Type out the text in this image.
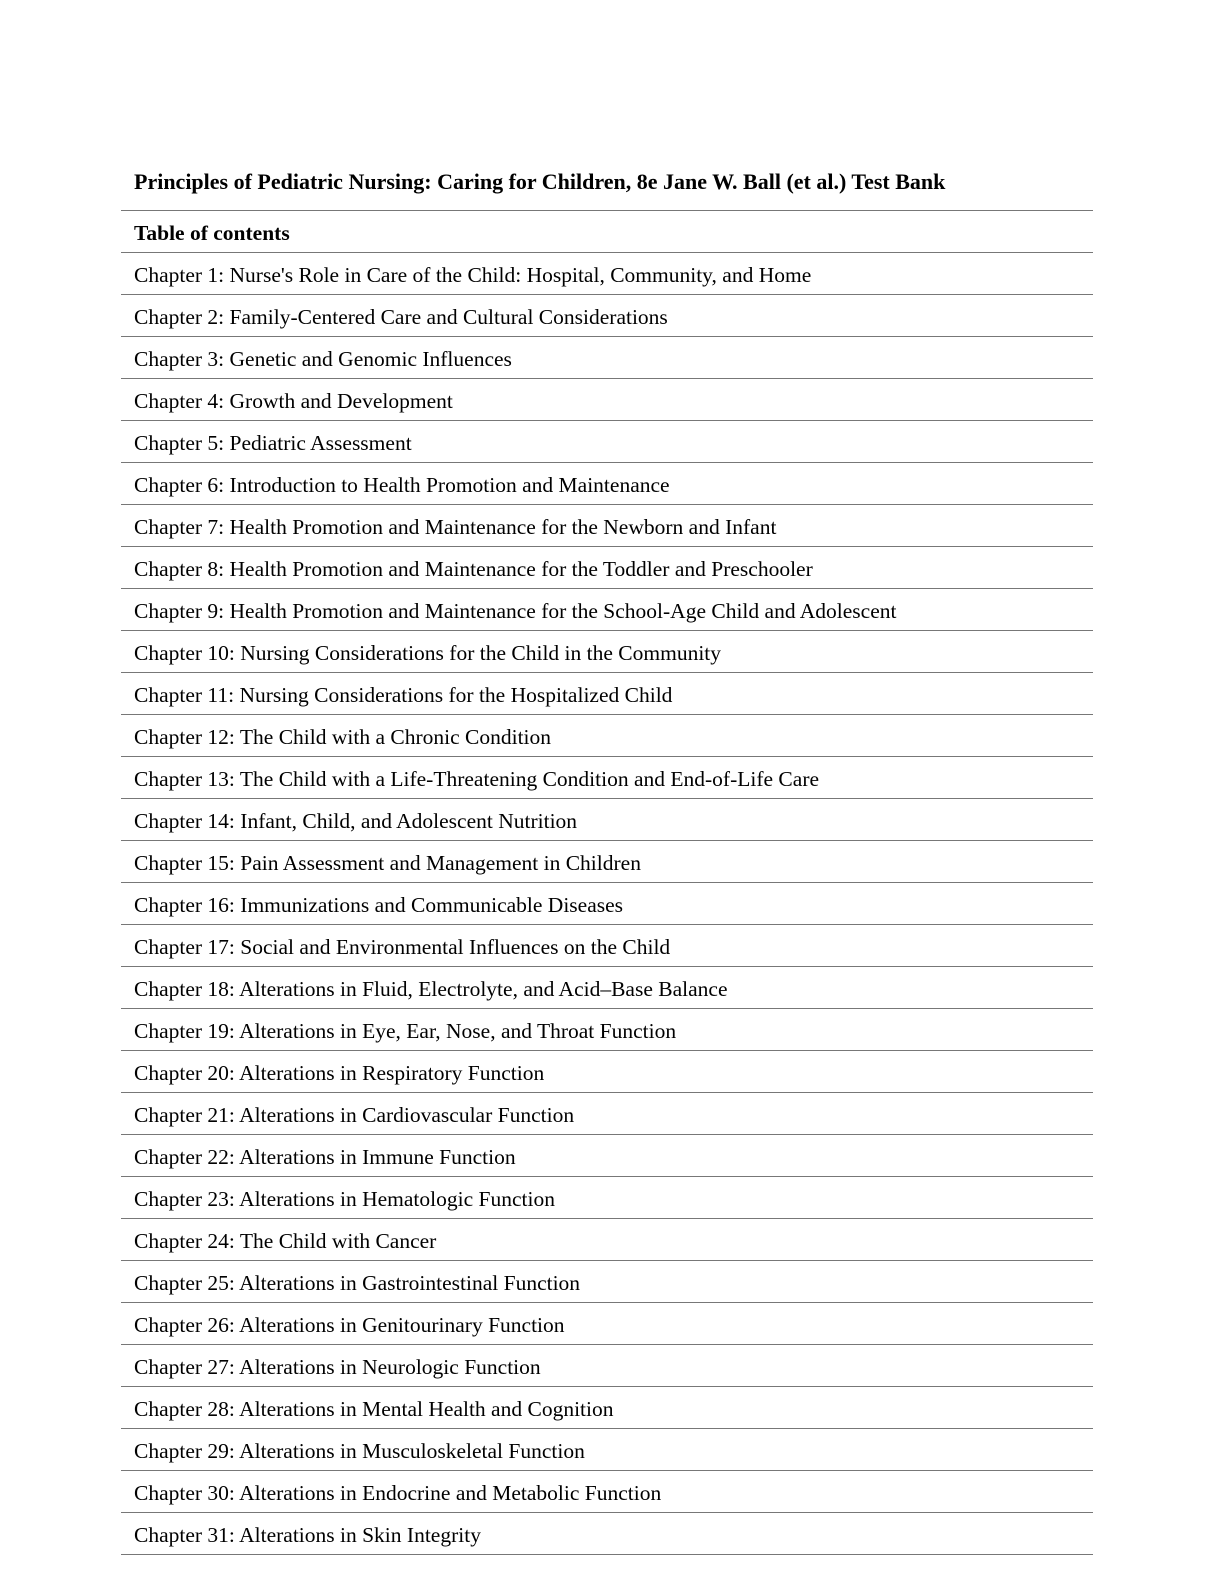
Principles of Pediatric Nursing: Caring for Children, 8e Jane W. Ball (et al.) Test Bank
Table of contents
Chapter 1: Nurse's Role in Care of the Child: Hospital, Community, and Home
Chapter 2: Family-Centered Care and Cultural Considerations
Chapter 3: Genetic and Genomic Influences
Chapter 4: Growth and Development
Chapter 5: Pediatric Assessment
Chapter 6: Introduction to Health Promotion and Maintenance
Chapter 7: Health Promotion and Maintenance for the Newborn and Infant
Chapter 8: Health Promotion and Maintenance for the Toddler and Preschooler
Chapter 9: Health Promotion and Maintenance for the School-Age Child and Adolescent
Chapter 10: Nursing Considerations for the Child in the Community
Chapter 11: Nursing Considerations for the Hospitalized Child
Chapter 12: The Child with a Chronic Condition
Chapter 13: The Child with a Life-Threatening Condition and End-of-Life Care
Chapter 14: Infant, Child, and Adolescent Nutrition
Chapter 15: Pain Assessment and Management in Children
Chapter 16: Immunizations and Communicable Diseases
Chapter 17: Social and Environmental Influences on the Child
Chapter 18: Alterations in Fluid, Electrolyte, and Acid–Base Balance
Chapter 19: Alterations in Eye, Ear, Nose, and Throat Function
Chapter 20: Alterations in Respiratory Function
Chapter 21: Alterations in Cardiovascular Function
Chapter 22: Alterations in Immune Function
Chapter 23: Alterations in Hematologic Function
Chapter 24: The Child with Cancer
Chapter 25: Alterations in Gastrointestinal Function
Chapter 26: Alterations in Genitourinary Function
Chapter 27: Alterations in Neurologic Function
Chapter 28: Alterations in Mental Health and Cognition
Chapter 29: Alterations in Musculoskeletal Function
Chapter 30: Alterations in Endocrine and Metabolic Function
Chapter 31: Alterations in Skin Integrity
